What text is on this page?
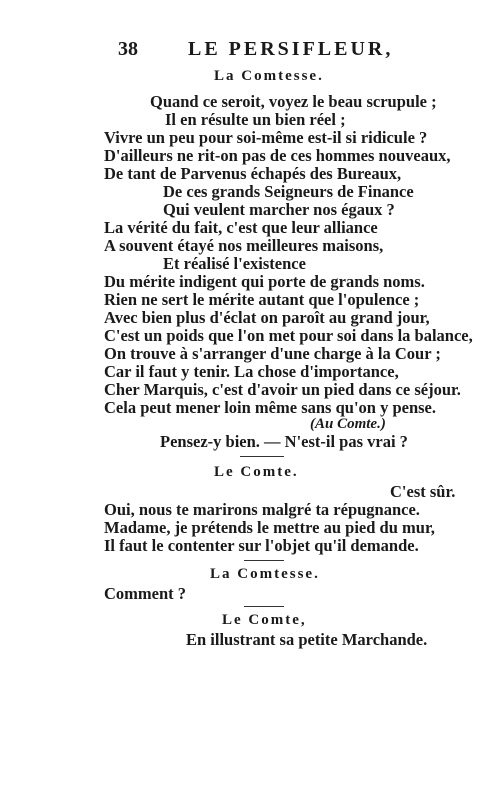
38	LE PERSIFLEUR,
La Comtesse.
Quand ce seroit, voyez le beau scrupule ;
Il en résulte un bien réel ;
Vivre un peu pour soi-même est-il si ridicule ?
D'ailleurs ne rit-on pas de ces hommes nouveaux,
De tant de Parvenus échapés des Bureaux,
De ces grands Seigneurs de Finance
Qui veulent marcher nos égaux ?
La vérité du fait, c'est que leur alliance
A souvent étayé nos meilleures maisons,
Et réalisé l'existence
Du mérite indigent qui porte de grands noms.
Rien ne sert le mérite autant que l'opulence ;
Avec bien plus d'éclat on paroît au grand jour,
C'est un poids que l'on met pour soi dans la balance,
On trouve à s'arranger d'une charge à la Cour ;
Car il faut y tenir. La chose d'importance,
Cher Marquis, c'est d'avoir un pied dans ce séjour.
Cela peut mener loin même sans qu'on y pense.
(Au Comte.)
Pensez-y bien. — N'est-il pas vrai ?
Le Comte.
C'est sûr.
Oui, nous te marirons malgré ta répugnance.
Madame, je prétends le mettre au pied du mur,
Il faut le contenter sur l'objet qu'il demande.
La Comtesse.
Comment ?
Le Comte,
En illustrant sa petite Marchande.
